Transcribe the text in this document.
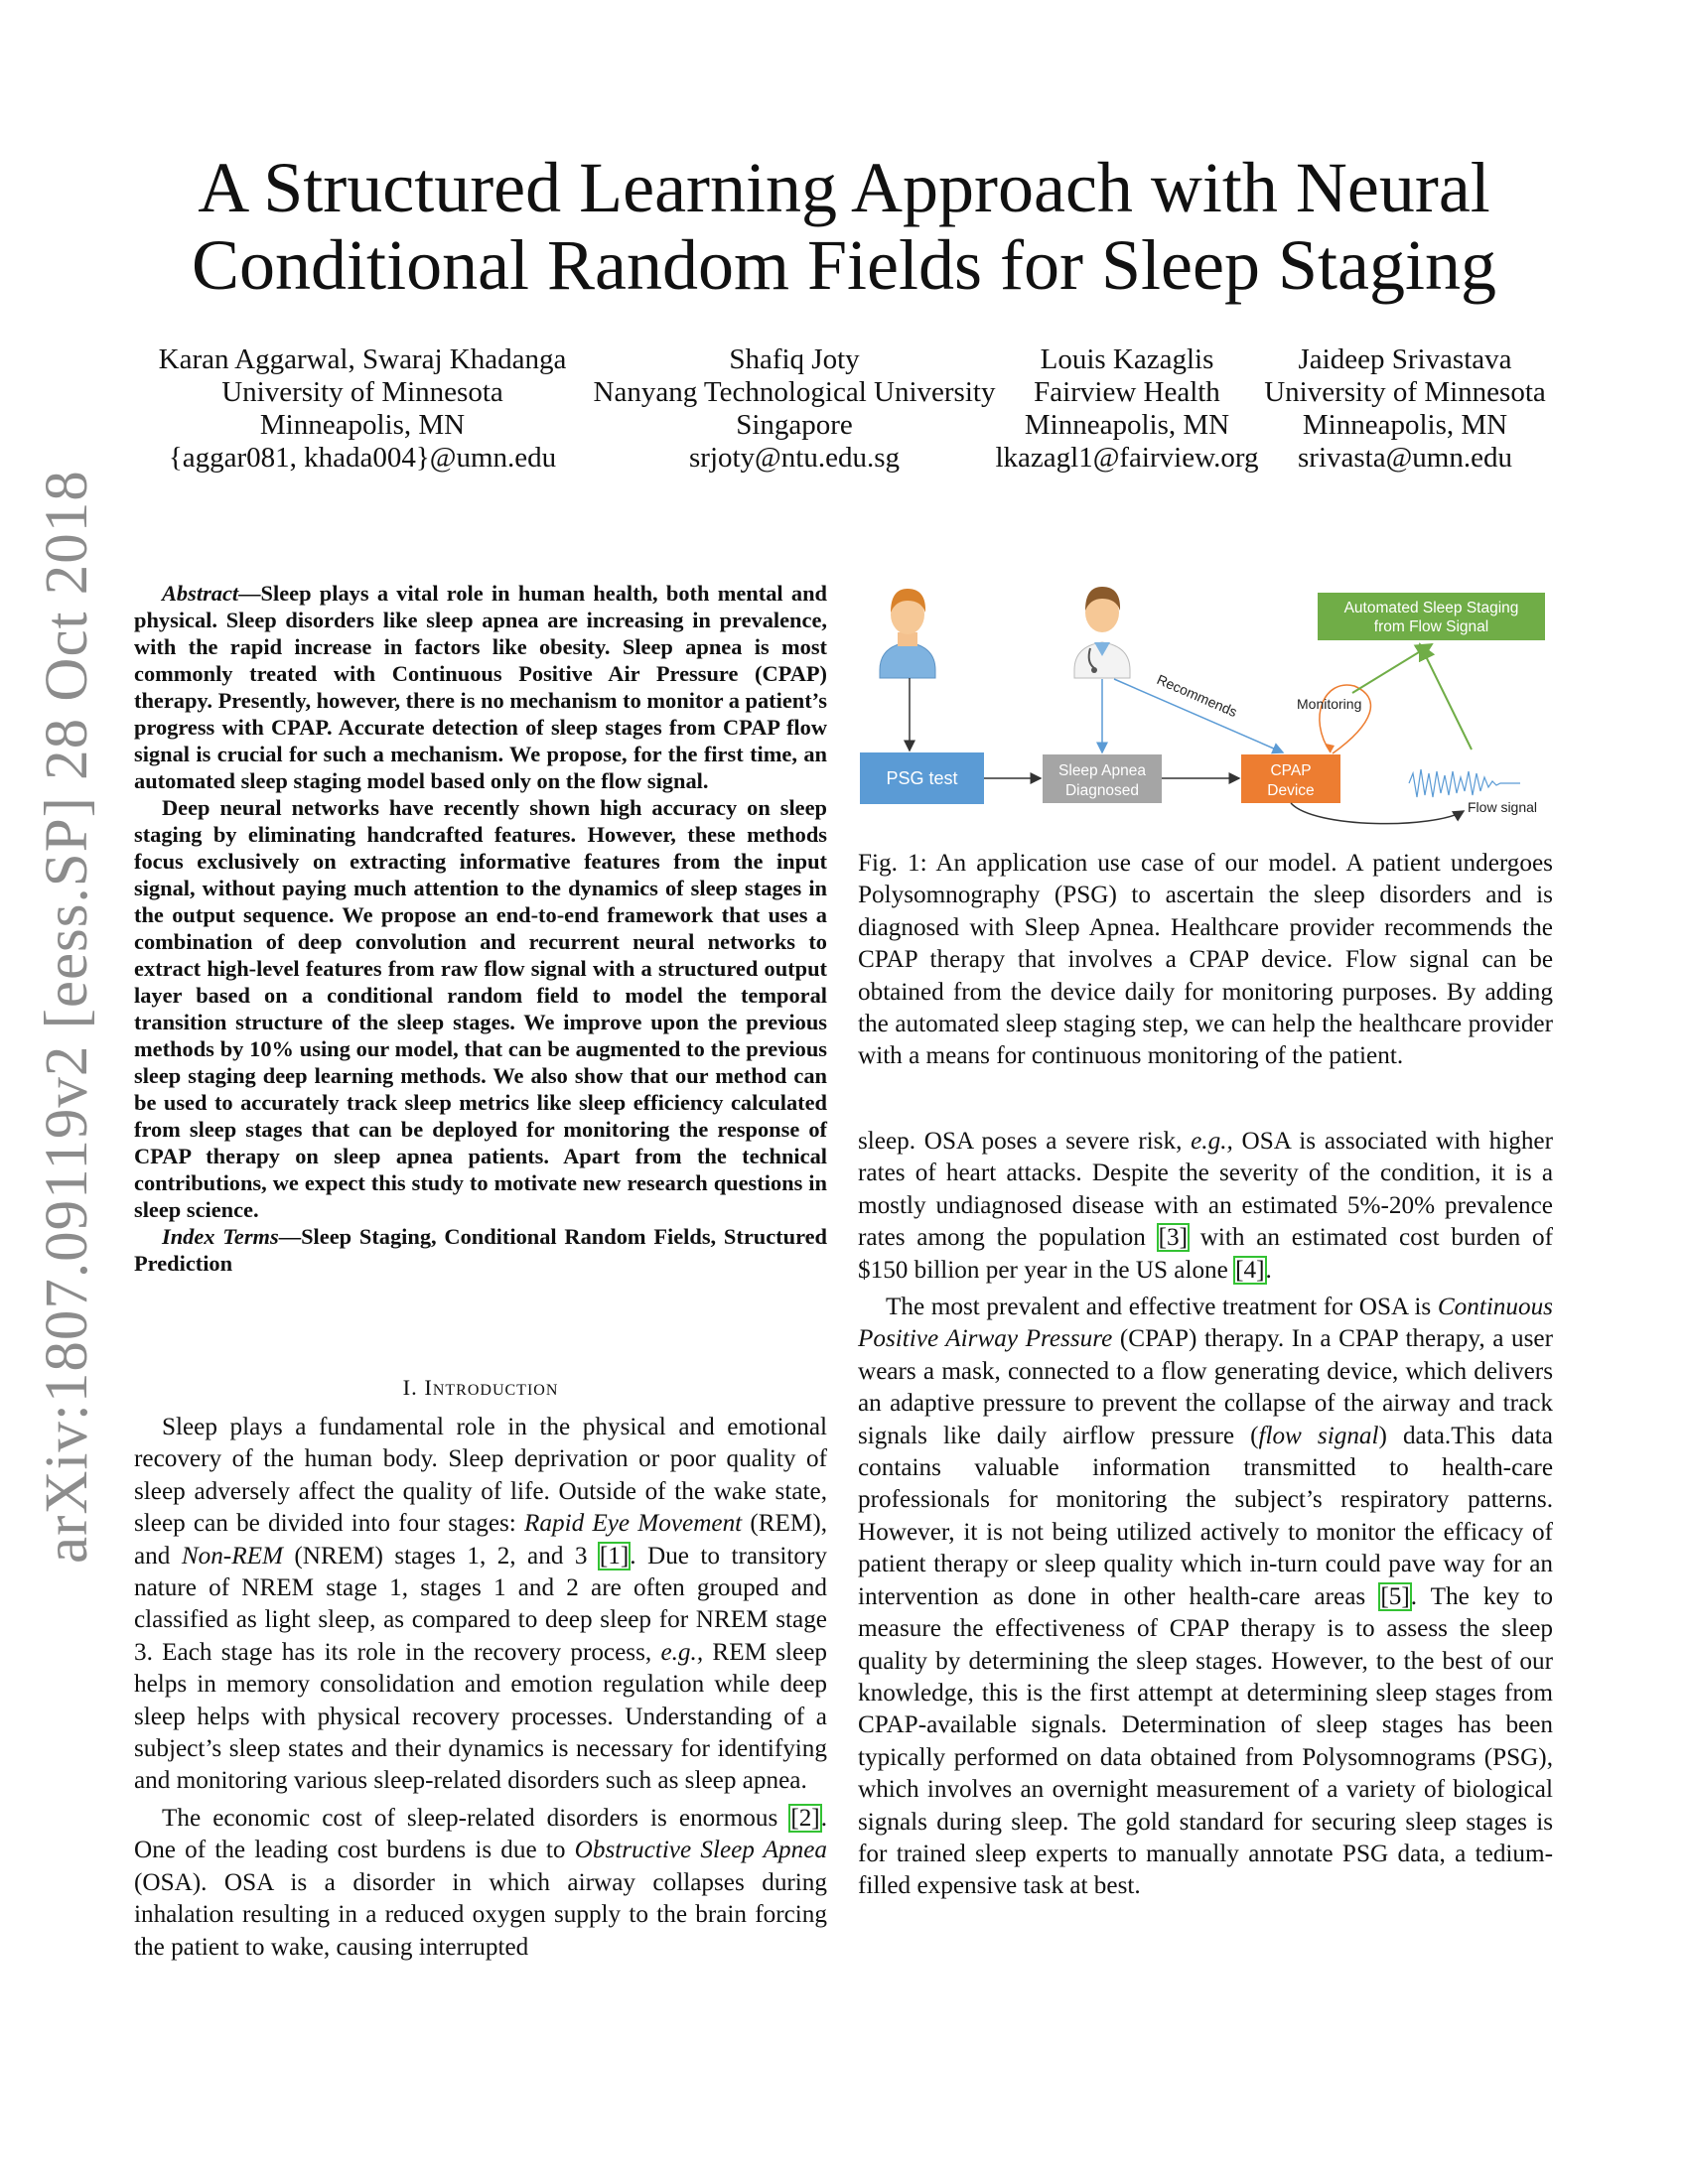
arXiv:1807.09119v2 [eess.SP] 28 Oct 2018
A Structured Learning Approach with Neural
Conditional Random Fields for Sleep Staging
Karan Aggarwal, Swaraj Khadanga
University of Minnesota
Minneapolis, MN
{aggar081, khada004}@umn.edu
Shafiq Joty
Nanyang Technological University
Singapore
srjoty@ntu.edu.sg
Louis Kazaglis
Fairview Health
Minneapolis, MN
lkazagl1@fairview.org
Jaideep Srivastava
University of Minnesota
Minneapolis, MN
srivasta@umn.edu

Abstract—Sleep plays a vital role in human health, both mental and physical. Sleep disorders like sleep apnea are increasing in prevalence, with the rapid increase in factors like obesity. Sleep apnea is most commonly treated with Continuous Positive Air Pressure (CPAP) therapy. Presently, however, there is no mechanism to monitor a patient’s progress with CPAP. Accurate detection of sleep stages from CPAP flow signal is crucial for such a mechanism. We propose, for the first time, an automated sleep staging model based only on the flow signal.

Deep neural networks have recently shown high accuracy on sleep staging by eliminating handcrafted features. However, these methods focus exclusively on extracting informative features from the input signal, without paying much attention to the dynamics of sleep stages in the output sequence. We propose an end-to-end framework that uses a combination of deep convolution and recurrent neural networks to extract high-level features from raw flow signal with a structured output layer based on a conditional random field to model the temporal transition structure of the sleep stages. We improve upon the previous methods by 10% using our model, that can be augmented to the previous sleep staging deep learning methods. We also show that our method can be used to accurately track sleep metrics like sleep efficiency calculated from sleep stages that can be deployed for monitoring the response of CPAP therapy on sleep apnea patients. Apart from the technical contributions, we expect this study to motivate new research questions in sleep science.

Index Terms—Sleep Staging, Conditional Random Fields, Structured Prediction

I. Introduction

Sleep plays a fundamental role in the physical and emotional recovery of the human body. Sleep deprivation or poor quality of sleep adversely affect the quality of life. Outside of the wake state, sleep can be divided into four stages: Rapid Eye Movement (REM), and Non-REM (NREM) stages 1, 2, and 3 [1]. Due to transitory nature of NREM stage 1, stages 1 and 2 are often grouped and classified as light sleep, as compared to deep sleep for NREM stage 3. Each stage has its role in the recovery process, e.g., REM sleep helps in memory consolidation and emotion regulation while deep sleep helps with physical recovery processes. Understanding of a subject’s sleep states and their dynamics is necessary for identifying and monitoring various sleep-related disorders such as sleep apnea.

The economic cost of sleep-related disorders is enormous [2]. One of the leading cost burdens is due to Obstructive Sleep Apnea (OSA). OSA is a disorder in which airway collapses during inhalation resulting in a reduced oxygen supply to the brain forcing the patient to wake, causing interrupted

Automated Sleep Staging
from Flow Signal
PSG test	Sleep Apnea
Diagnosed
CPAP
Device
Recommends	Monitoring
Flow signal
Fig. 1: An application use case of our model. A patient undergoes Polysomnography (PSG) to ascertain the sleep disorders and is diagnosed with Sleep Apnea. Healthcare provider recommends the CPAP therapy that involves a CPAP device. Flow signal can be obtained from the device daily for monitoring purposes. By adding the automated sleep staging step, we can help the healthcare provider with a means for continuous monitoring of the patient.

sleep. OSA poses a severe risk, e.g., OSA is associated with higher rates of heart attacks. Despite the severity of the condition, it is a mostly undiagnosed disease with an estimated 5%-20% prevalence rates among the population [3] with an estimated cost burden of $150 billion per year in the US alone [4].

The most prevalent and effective treatment for OSA is Continuous Positive Airway Pressure (CPAP) therapy. In a CPAP therapy, a user wears a mask, connected to a flow generating device, which delivers an adaptive pressure to prevent the collapse of the airway and track signals like daily airflow pressure (flow signal) data.This data contains valuable information transmitted to health-care professionals for monitoring the subject’s respiratory patterns. However, it is not being utilized actively to monitor the efficacy of patient therapy or sleep quality which in-turn could pave way for an intervention as done in other health-care areas [5]. The key to measure the effectiveness of CPAP therapy is to assess the sleep quality by determining the sleep stages. However, to the best of our knowledge, this is the first attempt at determining sleep stages from CPAP-available signals. Determination of sleep stages has been typically performed on data obtained from Polysomnograms (PSG), which involves an overnight measurement of a variety of biological signals during sleep. The gold standard for securing sleep stages is for trained sleep experts to manually annotate PSG data, a tedium-filled expensive task at best.
